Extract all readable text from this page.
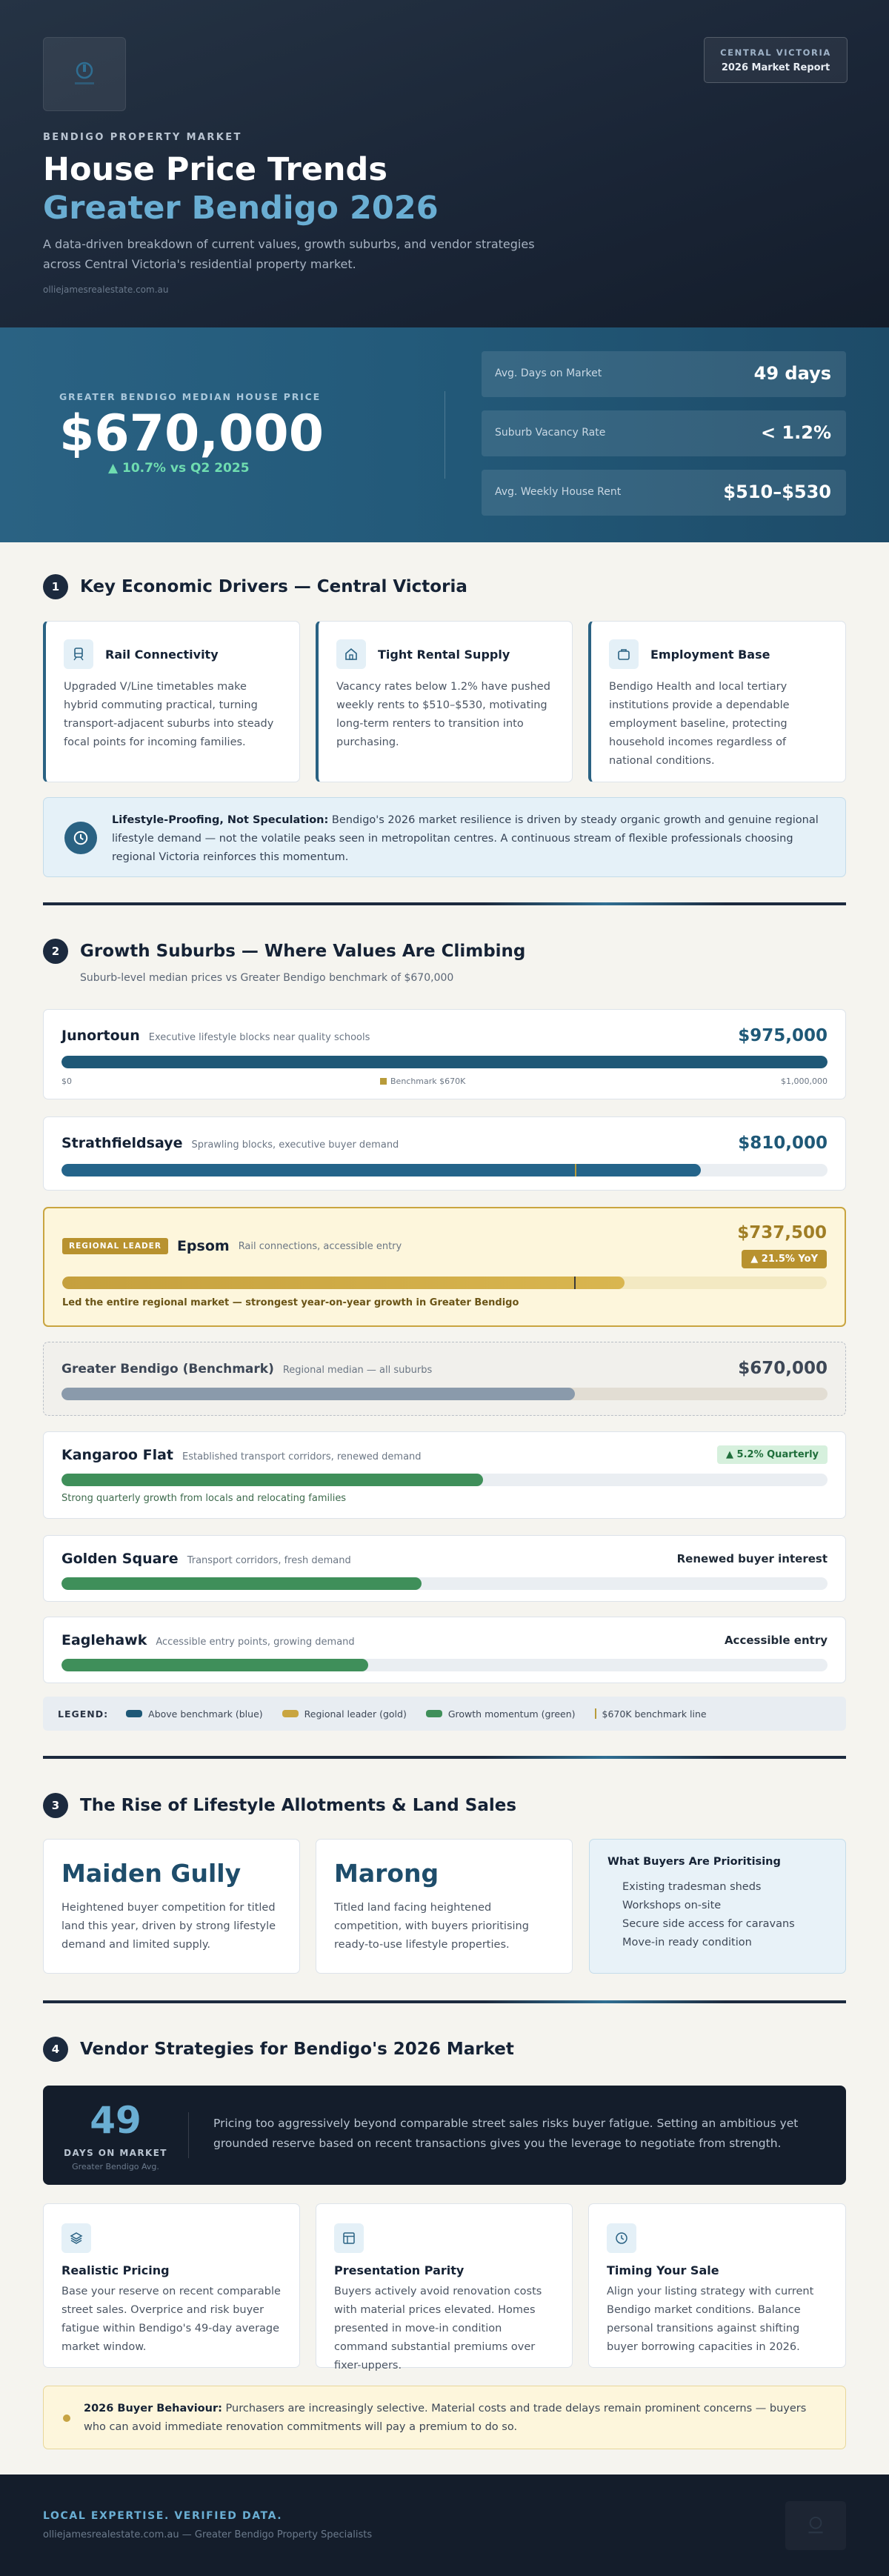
CENTRAL VICTORIA
2026 Market Report
BENDIGO PROPERTY MARKET
House Price Trends
Greater Bendigo 2026
A data-driven breakdown of current values, growth suburbs, and vendor strategies across Central Victoria's residential property market.
olliejamesrealestate.com.au
GREATER BENDIGO MEDIAN HOUSE PRICE
$670,000
▲ 10.7% vs Q2 2025
Avg. Days on Market	49 days
Suburb Vacancy Rate	< 1.2%
Avg. Weekly House Rent	$510–$530
1	Key Economic Drivers — Central Victoria
Rail Connectivity
Upgraded V/Line timetables make hybrid commuting practical, turning transport-adjacent suburbs into steady focal points for incoming families.
Tight Rental Supply
Vacancy rates below 1.2% have pushed weekly rents to $510–$530, motivating long-term renters to transition into purchasing.
Employment Base
Bendigo Health and local tertiary institutions provide a dependable employment baseline, protecting household incomes regardless of national conditions.
Lifestyle-Proofing, Not Speculation: Bendigo's 2026 market resilience is driven by steady organic growth and genuine regional lifestyle demand — not the volatile peaks seen in metropolitan centres. A continuous stream of flexible professionals choosing regional Victoria reinforces this momentum.
2	Growth Suburbs — Where Values Are Climbing
Suburb-level median prices vs Greater Bendigo benchmark of $670,000
Junortoun Executive lifestyle blocks near quality schools	$975,000
$0	Benchmark $670K	$1,000,000
Strathfieldsaye Sprawling blocks, executive buyer demand	$810,000
REGIONAL LEADER	Epsom Rail connections, accessible entry
$737,500
▲ 21.5% YoY
Led the entire regional market — strongest year-on-year growth in Greater Bendigo
Greater Bendigo (Benchmark) Regional median — all suburbs	$670,000
Kangaroo Flat Established transport corridors, renewed demand	▲ 5.2% Quarterly
Strong quarterly growth from locals and relocating families
Golden Square Transport corridors, fresh demand	Renewed buyer interest
Eaglehawk Accessible entry points, growing demand	Accessible entry
LEGEND:	Above benchmark (blue)	Regional leader (gold)	Growth momentum (green)	$670K benchmark line
3	The Rise of Lifestyle Allotments & Land Sales
Maiden Gully
Heightened buyer competition for titled land this year, driven by strong lifestyle demand and limited supply.
Marong
Titled land facing heightened competition, with buyers prioritising ready-to-use lifestyle properties.
What Buyers Are Prioritising
Existing tradesman sheds
Workshops on-site
Secure side access for caravans
Move-in ready condition
4	Vendor Strategies for Bendigo's 2026 Market
49
DAYS ON MARKET
Greater Bendigo Avg.
Pricing too aggressively beyond comparable street sales risks buyer fatigue. Setting an ambitious yet grounded reserve based on recent transactions gives you the leverage to negotiate from strength.
Realistic Pricing
Base your reserve on recent comparable street sales. Overprice and risk buyer fatigue within Bendigo's 49-day average market window.
Presentation Parity
Buyers actively avoid renovation costs with material prices elevated. Homes presented in move-in condition command substantial premiums over fixer-uppers.
Timing Your Sale
Align your listing strategy with current Bendigo market conditions. Balance personal transitions against shifting buyer borrowing capacities in 2026.
2026 Buyer Behaviour: Purchasers are increasingly selective. Material costs and trade delays remain prominent concerns — buyers who can avoid immediate renovation commitments will pay a premium to do so.
LOCAL EXPERTISE. VERIFIED DATA.
olliejamesrealestate.com.au — Greater Bendigo Property Specialists
